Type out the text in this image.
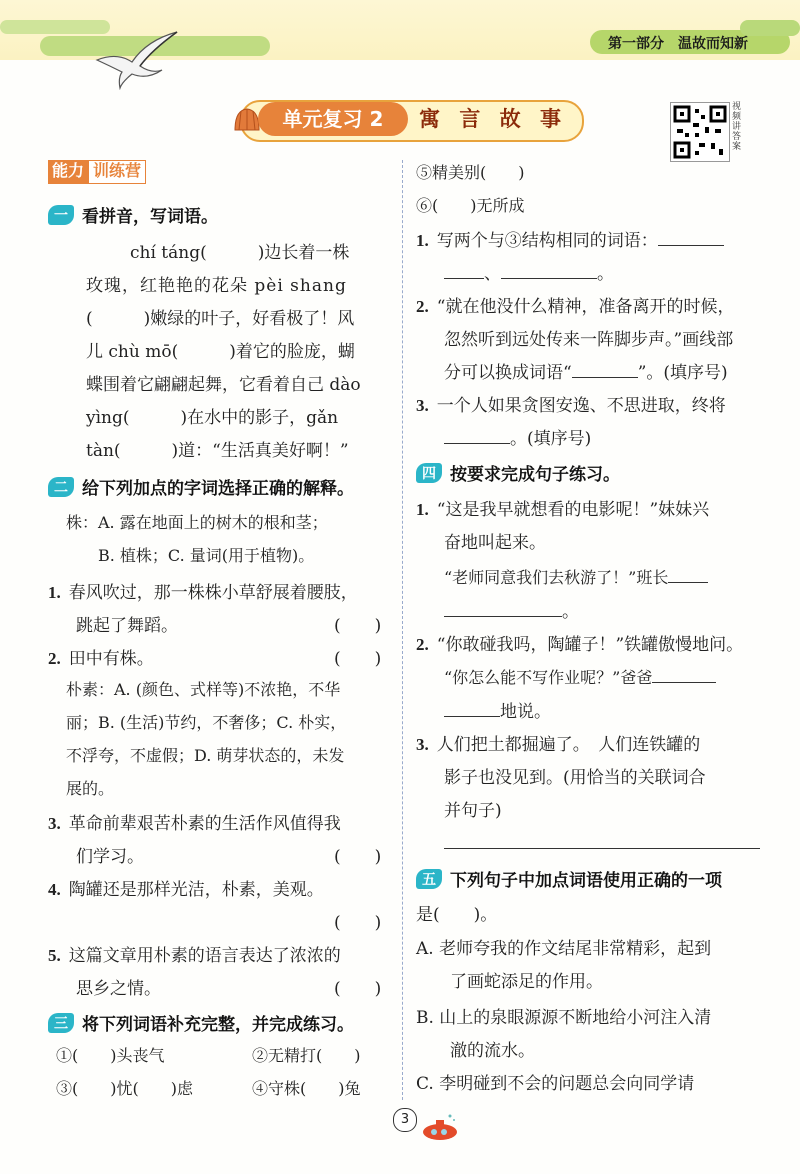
第一部分　温故而知新
单元复习 2	寓 言 故 事	视频讲答案
能力 训练营
一 看拼音，写词语。
chí táng(　　　)边长着一株
玫瑰，红艳艳的花朵 pèi shang
(　　　)嫩绿的叶子，好看极了！风
儿 chù mō(　　　)着它的脸庞，蝴
蝶围着它翩翩起舞，它看着自己 dào
yìng(　　　)在水中的影子，gǎn
tàn(　　　)道：“生活真美好啊！”
二 给下列加点的字词选择正确的解释。
株：A. 露在地面上的树木的根和茎；
B. 植株；C. 量词(用于植物)。
1. 春风吹过，那一株株小草舒展着腰肢，
跳起了舞蹈。	(　　)
2. 田中有株。	(　　)
朴素：A. (颜色、式样等)不浓艳，不华
丽；B. (生活)节约，不奢侈；C. 朴实，
不浮夸，不虚假；D. 萌芽状态的，未发
展的。
3. 革命前辈艰苦朴素的生活作风值得我
们学习。	(　　)
4. 陶罐还是那样光洁，朴素，美观。
(　　)
5. 这篇文章用朴素的语言表达了浓浓的
思乡之情。	(　　)
三 将下列词语补充完整，并完成练习。
①(　　)头丧气	②无精打(　　)
③(　　)忧(　　)虑	④守株(　　)兔
⑤精美别(　　)
⑥(　　)无所成
1. 写两个与③结构相同的词语：
、	。
2. “就在他没什么精神，准备离开的时候，
忽然听到远处传来一阵脚步声。”画线部
分可以换成词语“	”。(填序号)
3. 一个人如果贪图安逸、不思进取，终将
。(填序号)
四 按要求完成句子练习。
1. “这是我早就想看的电影呢！”妹妹兴
奋地叫起来。
“老师同意我们去秋游了！”班长
。
2. “你敢碰我吗，陶罐子！”铁罐傲慢地问。
“你怎么能不写作业呢？”爸爸
地说。
3. 人们把土都掘遍了。　人们连铁罐的
影子也没见到。(用恰当的关联词合
并句子)
五 下列句子中加点词语使用正确的一项
是(　　)。
A. 老师夸我的作文结尾非常精彩，起到
了画蛇添足的作用。
B. 山上的泉眼源源不断地给小河注入清
澈的流水。
C. 李明碰到不会的问题总会向同学请
3
